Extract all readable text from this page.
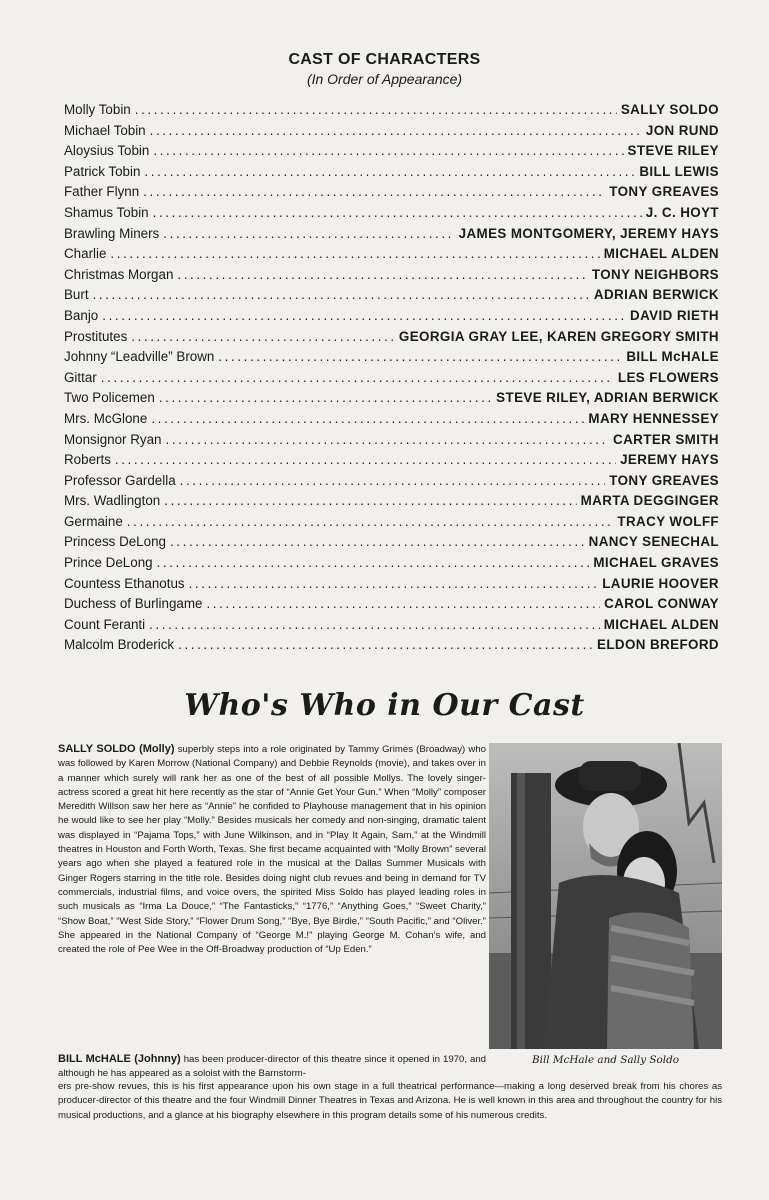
CAST OF CHARACTERS
(In Order of Appearance)
Molly Tobin .....	SALLY SOLDO
Michael Tobin .....	JON RUND
Aloysius Tobin .....	STEVE RILEY
Patrick Tobin .....	BILL LEWIS
Father Flynn .....	TONY GREAVES
Shamus Tobin .....	J. C. HOYT
Brawling Miners .....	JAMES MONTGOMERY, JEREMY HAYS
Charlie .....	MICHAEL ALDEN
Christmas Morgan .....	TONY NEIGHBORS
Burt .....	ADRIAN BERWICK
Banjo .....	DAVID RIETH
Prostitutes .....	GEORGIA GRAY LEE, KAREN GREGORY SMITH
Johnny “Leadville” Brown .....	BILL McHALE
Gittar .....	LES FLOWERS
Two Policemen .....	STEVE RILEY, ADRIAN BERWICK
Mrs. McGlone .....	MARY HENNESSEY
Monsignor Ryan .....	CARTER SMITH
Roberts .....	JEREMY HAYS
Professor Gardella .....	TONY GREAVES
Mrs. Wadlington .....	MARTA DEGGINGER
Germaine .....	TRACY WOLFF
Princess DeLong .....	NANCY SENECHAL
Prince DeLong .....	MICHAEL GRAVES
Countess Ethanotus .....	LAURIE HOOVER
Duchess of Burlingame .....	CAROL CONWAY
Count Feranti .....	MICHAEL ALDEN
Malcolm Broderick .....	ELDON BREFORD
Who's Who in Our Cast
SALLY SOLDO (Molly) superbly steps into a role originated by Tammy Grimes (Broadway) who was followed by Karen Morrow (National Company) and Debbie Reynolds (movie), and takes over in a manner which surely will rank her as one of the best of all possible Mollys. The lovely singer-actress scored a great hit here recently as the star of “Annie Get Your Gun.” When “Molly” composer Meredith Willson saw her here as “Annie” he confided to Playhouse management that in his opinion he would like to see her play “Molly.” Besides musicals her comedy and non-singing, dramatic talent was displayed in “Pajama Tops,” with June Wilkinson, and in “Play It Again, Sam,” at the Windmill theatres in Houston and Forth Worth, Texas. She first became acquainted with “Molly Brown” several years ago when she played a featured role in the musical at the Dallas Summer Musicals with Ginger Rogers starring in the title role. Besides doing night club revues and being in demand for TV commercials, industrial films, and voice overs, the spirited Miss Soldo has played leading roles in such musicals as “Irma La Douce,” “The Fantasticks,” “1776,” “Anything Goes,” “Sweet Charity,” “Show Boat,” “West Side Story,” “Flower Drum Song,” “Bye, Bye Birdie,” “South Pacific,” and “Oliver.” She appeared in the National Company of “George M.!” playing George M. Cohan’s wife, and created the role of Pee Wee in the Off-Broadway production of “Up Eden.”
BILL McHALE (Johnny) has been producer-director of this theatre since it opened in 1970, and although he has appeared as a soloist with the Barnstorm-
ers pre-show revues, this is his first appearance upon his own stage in a full theatrical performance—making a long deserved break from his chores as producer-director of this theatre and the four Windmill Dinner Theatres in Texas and Arizona. He is well known in this area and throughout the country for his musical productions, and a glance at his biography elsewhere in this program details some of his numerous credits.
Bill McHale and Sally Soldo
